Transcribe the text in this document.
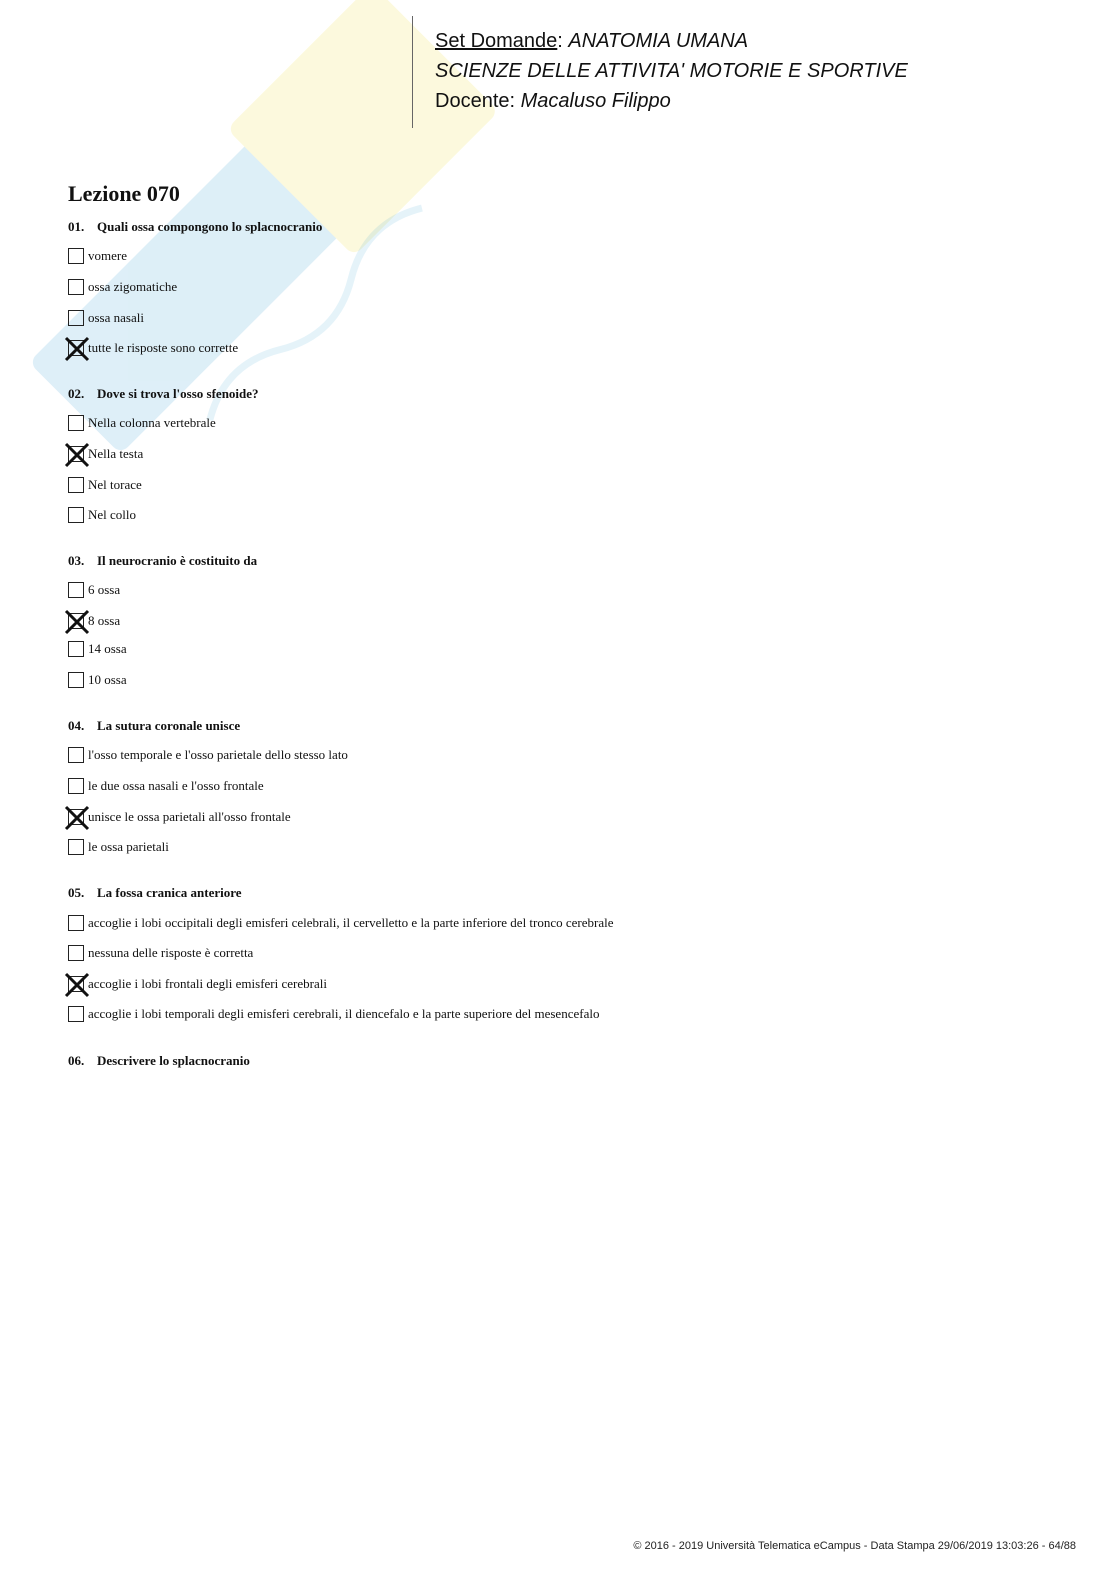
Set Domande: ANATOMIA UMANA
SCIENZE DELLE ATTIVITA' MOTORIE E SPORTIVE
Docente: Macaluso Filippo
Lezione 070
01. Quali ossa compongono lo splacnocranio
vomere
ossa zigomatiche
ossa nasali
tutte le risposte sono corrette
02. Dove si trova l'osso sfenoide?
Nella colonna vertebrale
Nella testa
Nel torace
Nel collo
03. Il neurocranio è costituito da
6 ossa
8 ossa
14 ossa
10 ossa
04. La sutura coronale unisce
l'osso temporale e l'osso parietale dello stesso lato
le due ossa nasali e l'osso frontale
unisce le ossa parietali all'osso frontale
le ossa parietali
05. La fossa cranica anteriore
accoglie i lobi occipitali degli emisferi celebrali, il cervelletto e la parte inferiore del tronco cerebrale
nessuna delle risposte è corretta
accoglie i lobi frontali degli emisferi cerebrali
accoglie i lobi temporali degli emisferi cerebrali, il diencefalo e la parte superiore del mesencefalo
06. Descrivere lo splacnocranio
© 2016 - 2019 Università Telematica eCampus - Data Stampa 29/06/2019 13:03:26 - 64/88
